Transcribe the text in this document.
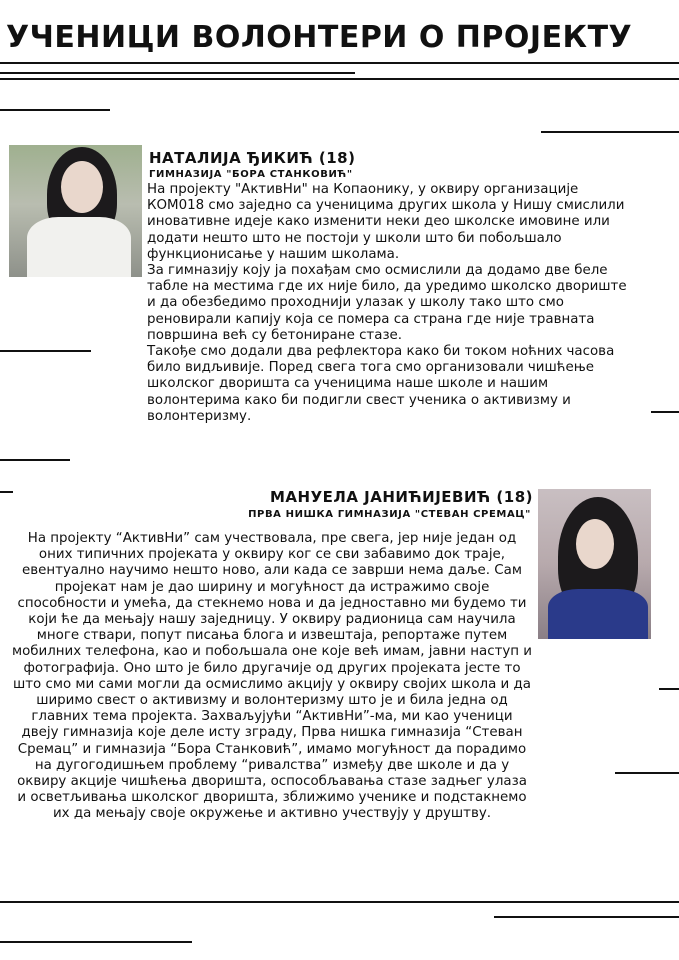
УЧЕНИЦИ ВОЛОНТЕРИ О ПРОЈЕКТУ
НАТАЛИЈА ЂИКИЋ (18)
ГИМНАЗИЈА "БОРА СТАНКОВИЋ"

На пројекту "АктивНи" на Копаонику, у оквиру организације КОМ018 смо заједно са ученицима других школа у Нишу смислили иновативне идеје како изменити неки део школске имовине или додати нешто што не постоји у школи што би побољшало функционисање у нашим школама.

За гимназију коју ја похађам смо осмислили да додамо две беле табле на местима где их није било, да уредимо школско двориште и да обезбедимо проходнији улазак у школу тако што смо реновирали капију која се помера са страна где није травната површина већ су бетониране стазе.

Такође смо додали два рефлектора како би током ноћних часова било видљивије. Поред свега тога смо организовали чишћење школског дворишта са ученицима наше школе и нашим волонтерима како би подигли свест ученика о активизму и волонтеризму.

МАНУЕЛА ЈАНИЋИЈЕВИЋ (18)
ПРВА НИШКА ГИМНАЗИЈА "СТЕВАН СРЕМАЦ"
На пројекту “АктивНи” сам учествовала, пре свега, јер није један од оних типичних пројеката у оквиру ког се сви забавимо док траје, евентуално научимо нешто ново, али када се заврши нема даље. Сам пројекат нам је дао ширину и могућност да истражимо своје способности и умећа, да стекнемо нова и да једноставно ми будемо ти који ће да мењају нашу заједницу. У оквиру радионица сам научила многе ствари, попут писања блога и извештаја, репортаже путем мобилних телефона, као и побољшала оне које већ имам, јавни наступ и фотографија. Оно што је било другачије од других пројеката јесте то што смо ми сами могли да осмислимо акцију у оквиру својих школа и да ширимо свест о активизму и волонтеризму што је и била једна од главних тема пројекта. Захваљујући “АктивНи”-ма, ми као ученици двеју гимназија које деле исту зграду, Прва нишка гимназија “Стеван Сремац” и гимназија “Бора Станковић”, имамо могућност да порадимо на дугогодишњем проблему “ривалства” између две школе и да у оквиру акције чишћења дворишта, оспособљавања стазе задњег улаза и осветљивања школског дворишта, зближимо ученике и подстакнемо их да мењају своје окружење и активно учествују у друштву.
